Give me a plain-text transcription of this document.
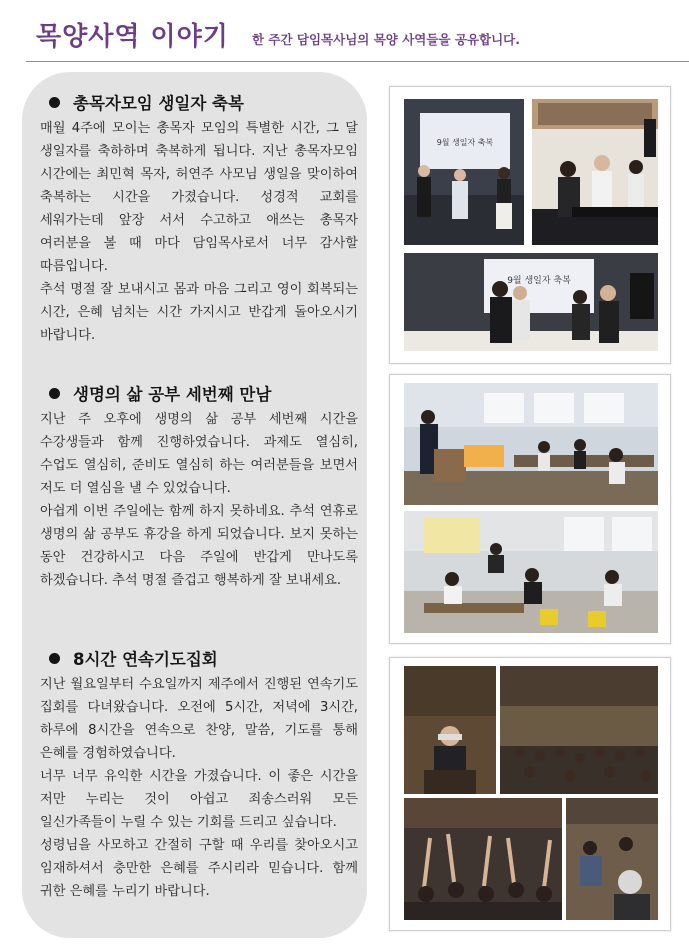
목양사역 이야기 한 주간 담임목사님의 목양 사역들을 공유합니다.
총목자모임 생일자 축복

매월 4주에 모이는 총목자 모임의 특별한 시간, 그 달 생일자를 축하하며 축복하게 됩니다. 지난 총목자모임 시간에는 최민혁 목자, 허연주 사모님 생일을 맞이하여 축복하는 시간을 가졌습니다. 성경적 교회를 세워가는데 앞장 서서 수고하고 애쓰는 총목자 여러분을 볼 때 마다 담임목사로서 너무 감사할 따름입니다.

추석 명절 잘 보내시고 몸과 마음 그리고 영이 회복되는 시간, 은혜 넘치는 시간 가지시고 반갑게 돌아오시기 바랍니다.

생명의 삶 공부 세번째 만남

지난 주 오후에 생명의 삶 공부 세번째 시간을 수강생들과 함께 진행하였습니다. 과제도 열심히, 수업도 열심히, 준비도 열심히 하는 여러분들을 보면서 저도 더 열심을 낼 수 있었습니다.

아쉽게 이번 주일에는 함께 하지 못하네요. 추석 연휴로 생명의 삶 공부도 휴강을 하게 되었습니다. 보지 못하는 동안 건강하시고 다음 주일에 반갑게 만나도록 하겠습니다. 추석 명절 즐겁고 행복하게 잘 보내세요.

8시간 연속기도집회

지난 월요일부터 수요일까지 제주에서 진행된 연속기도 집회를 다녀왔습니다. 오전에 5시간, 저녁에 3시간, 하루에 8시간을 연속으로 찬양, 말씀, 기도를 통해 은혜를 경험하였습니다.

너무 너무 유익한 시간을 가졌습니다. 이 좋은 시간을 저만 누리는 것이 아쉽고 죄송스러워 모든 일신가족들이 누릴 수 있는 기회를 드리고 싶습니다.

성령님을 사모하고 간절히 구할 때 우리를 찾아오시고 임재하셔서 충만한 은혜를 주시리라 믿습니다. 함께 귀한 은혜를 누리기 바랍니다.

9월 생일자 축복
9월 생일자 축복
